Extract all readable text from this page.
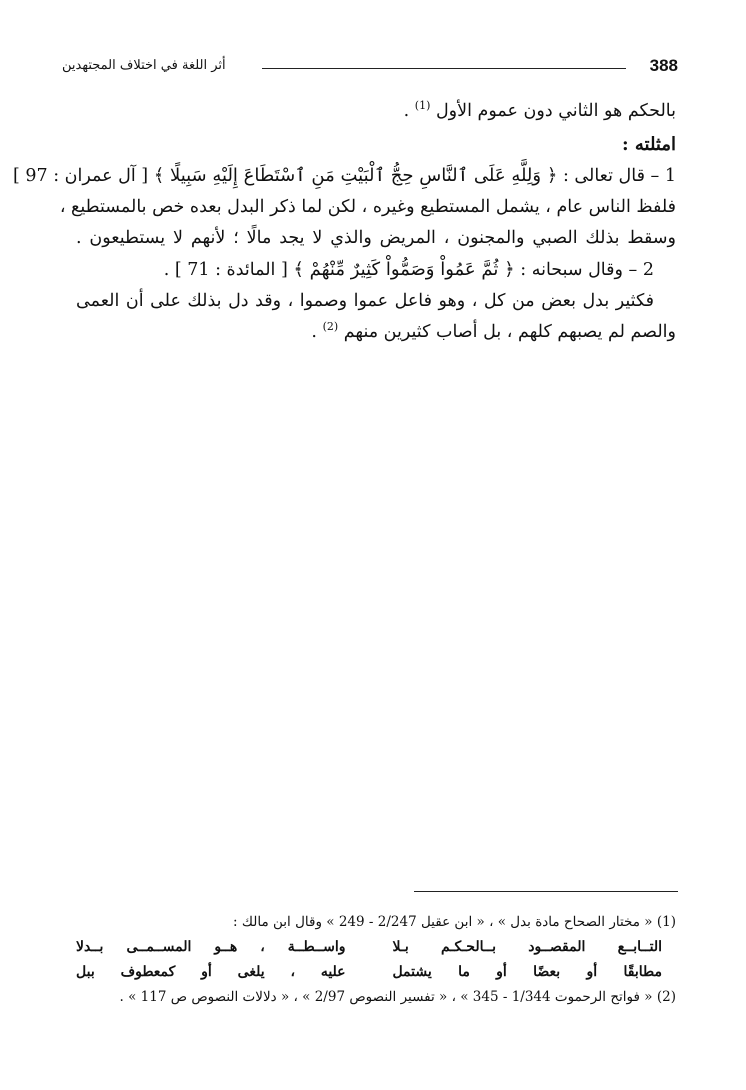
أثر اللغة في اختلاف المجتهدين	388
بالحكم هو الثاني دون عموم الأول $^{(1)}$ .
امثلته :
1 – قال تعالى : ﴿ وَلِلَّهِ عَلَى ٱلنَّاسِ حِجُّ ٱلْبَيْتِ مَنِ ٱسْتَطَاعَ إِلَيْهِ سَبِيلًا ﴾ [ آل عمران : 97 ]
فلفظ الناس عام ، يشمل المستطيع وغيره ، لكن لما ذكر البدل بعده خص بالمستطيع ،
وسقط بذلك الصبي والمجنون ، المريض والذي لا يجد مالًا ؛ لأنهم لا يستطيعون .
2 – وقال سبحانه : ﴿ ثُمَّ عَمُواْ وَصَمُّواْ كَثِيرٌ مِّنْهُمْ ﴾ [ المائدة : 71 ] .
فكثير بدل بعض من كل ، وهو فاعل عموا وصموا ، وقد دل بذلك على أن العمى
والصم لم يصبهم كلهم ، بل أصاب كثيرين منهم $^{(2)}$ .
(1) « مختار الصحاح مادة بدل » ، « ابن عقيل 2/247 - 249 » وقال ابن مالك :
التــابــع المقصــود بــالحـكـم بـلا
واســطــة ، هــو المســمــى بــدلا
مطابقًا أو بعضًا أو ما يشتمل
عليه ، يلغى أو كمعطوف ببل
(2) « فواتح الرحموت 1/344 - 345 » ، « تفسير النصوص 2/97 » ، « دلالات النصوص ص 117 » .
